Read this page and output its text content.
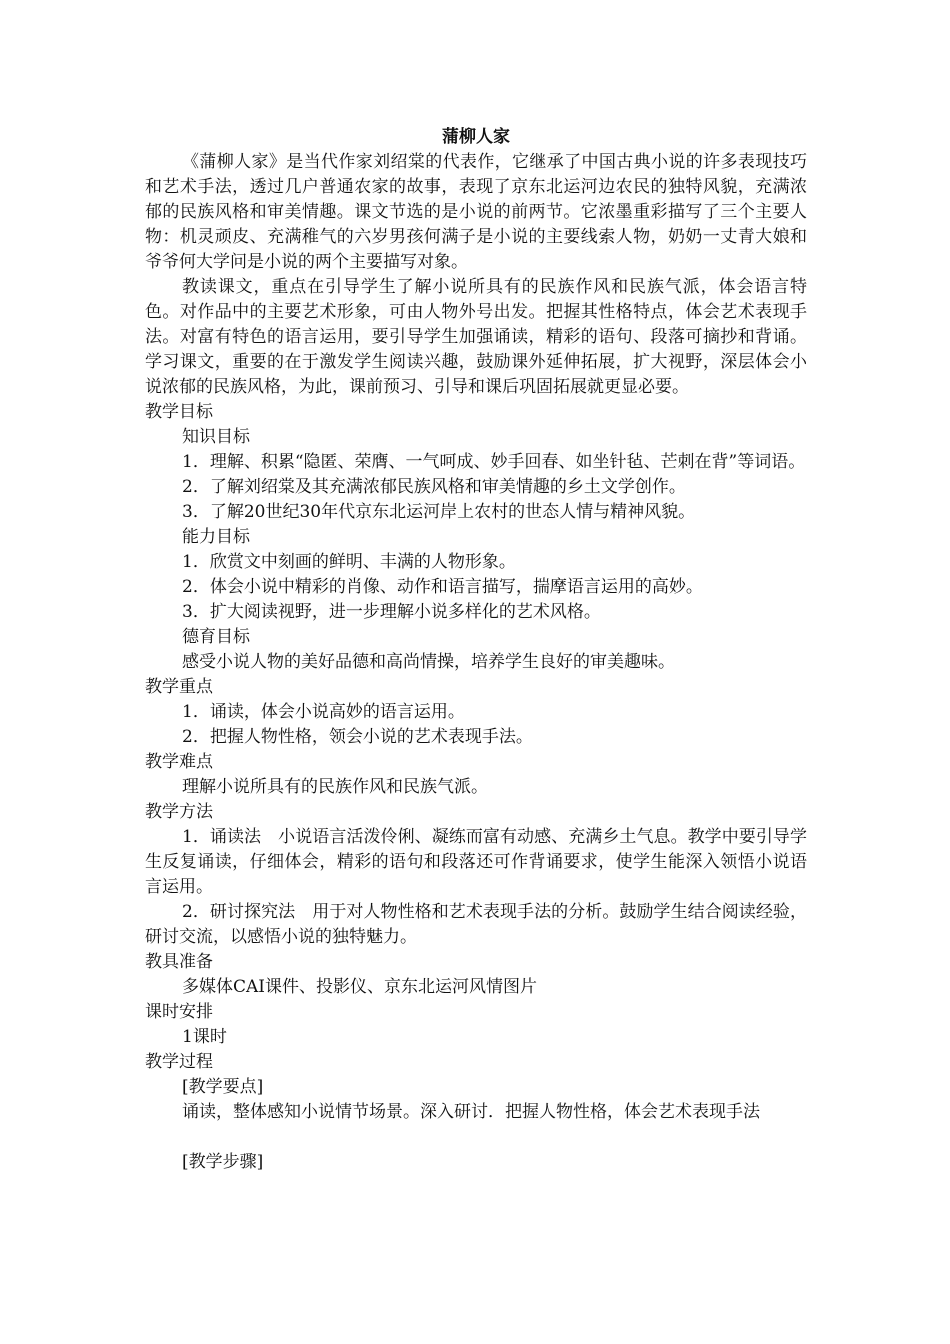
蒲柳人家

《蒲柳人家》是当代作家刘绍棠的代表作，它继承了中国古典小说的许多表现技巧和艺术手法，透过几户普通农家的故事，表现了京东北运河边农民的独特风貌，充满浓郁的民族风格和审美情趣。课文节选的是小说的前两节。它浓墨重彩描写了三个主要人物：机灵顽皮、充满稚气的六岁男孩何满子是小说的主要线索人物，奶奶一丈青大娘和爷爷何大学问是小说的两个主要描写对象。

教读课文，重点在引导学生了解小说所具有的民族作风和民族气派，体会语言特色。对作品中的主要艺术形象，可由人物外号出发。把握其性格特点，体会艺术表现手法。对富有特色的语言运用，要引导学生加强诵读，精彩的语句、段落可摘抄和背诵。学习课文，重要的在于激发学生阅读兴趣，鼓励课外延伸拓展，扩大视野，深层体会小说浓郁的民族风格，为此，课前预习、引导和课后巩固拓展就更显必要。

教学目标

知识目标

1．理解、积累“隐匿、荣膺、一气呵成、妙手回春、如坐针毡、芒刺在背”等词语。

2．了解刘绍棠及其充满浓郁民族风格和审美情趣的乡土文学创作。

3．了解20世纪30年代京东北运河岸上农村的世态人情与精神风貌。

能力目标

1．欣赏文中刻画的鲜明、丰满的人物形象。

2．体会小说中精彩的肖像、动作和语言描写，揣摩语言运用的高妙。

3．扩大阅读视野，进一步理解小说多样化的艺术风格。

德育目标

感受小说人物的美好品德和高尚情操，培养学生良好的审美趣味。

教学重点

1．诵读，体会小说高妙的语言运用。

2．把握人物性格，领会小说的艺术表现手法。

教学难点

理解小说所具有的民族作风和民族气派。

教学方法

1．诵读法　小说语言活泼伶俐、凝练而富有动感、充满乡土气息。教学中要引导学生反复诵读，仔细体会，精彩的语句和段落还可作背诵要求，使学生能深入领悟小说语言运用。

2．研讨探究法　用于对人物性格和艺术表现手法的分析。鼓励学生结合阅读经验，研讨交流，以感悟小说的独特魅力。

教具准备

多媒体CAI课件、投影仪、京东北运河风情图片

课时安排

1课时

教学过程

[教学要点]

诵读，整体感知小说情节场景。深入研讨．把握人物性格，体会艺术表现手法

[教学步骤]
